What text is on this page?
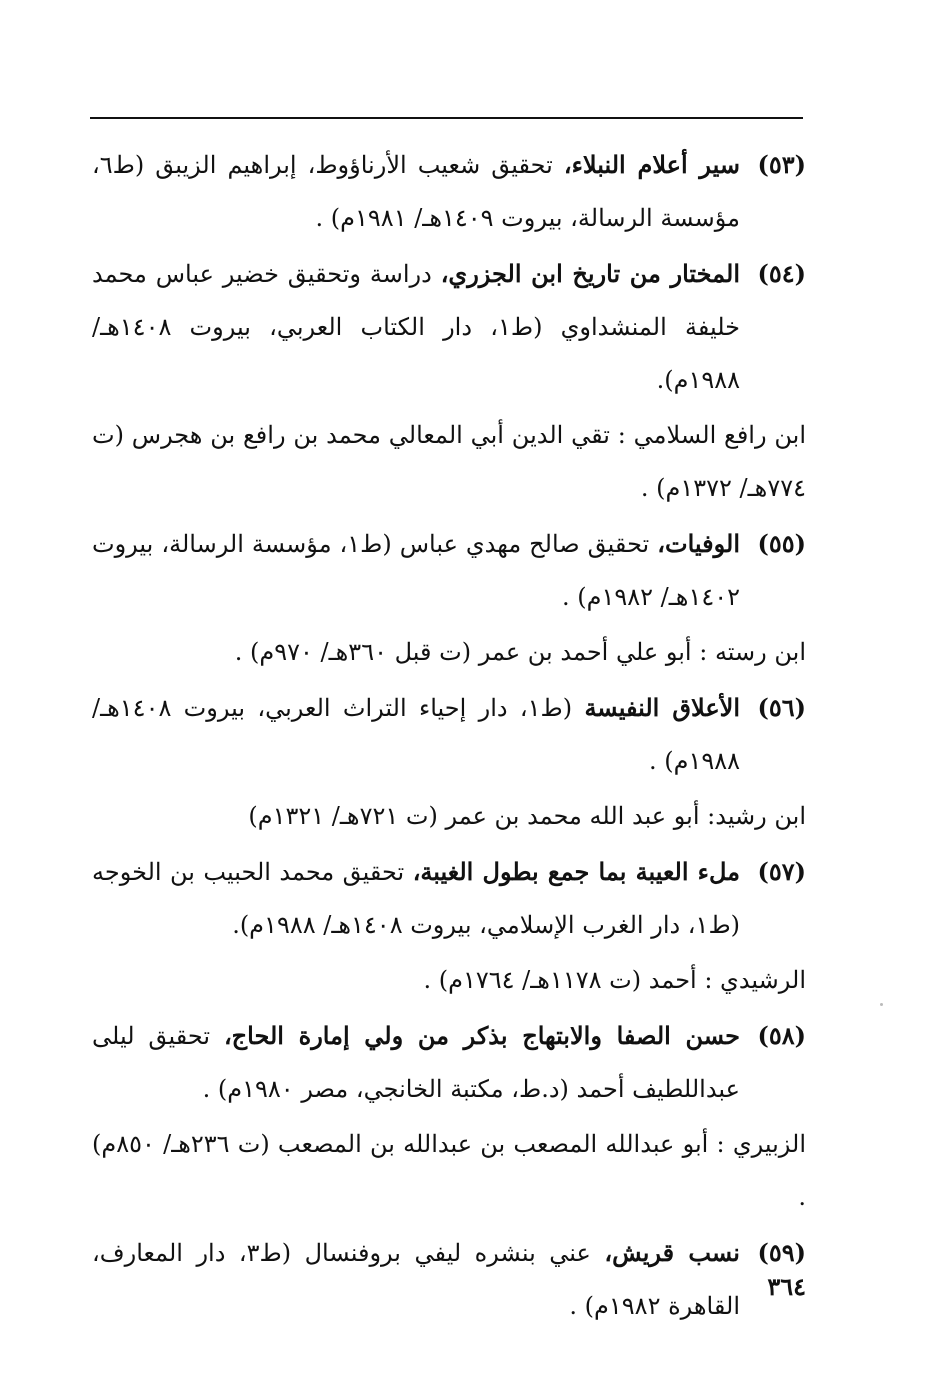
(٥٣)
سير أعلام النبلاء، تحقيق شعيب الأرناؤوط، إبراهيم الزيبق (ط٦، مؤسسة الرسالة، بيروت ١٤٠٩هـ/ ١٩٨١م) .
(٥٤)
المختار من تاريخ ابن الجزري، دراسة وتحقيق خضير عباس محمد خليفة المنشداوي (ط١، دار الكتاب العربي، بيروت ١٤٠٨هـ/ ١٩٨٨م).

ابن رافع السلامي : تقي الدين أبي المعالي محمد بن رافع بن هجرس (ت ٧٧٤هـ/ ١٣٧٢م) .

(٥٥)
الوفيات، تحقيق صالح مهدي عباس (ط١، مؤسسة الرسالة، بيروت ١٤٠٢هـ/ ١٩٨٢م) .

ابن رسته : أبو علي أحمد بن عمر (ت قبل ٣٦٠هـ/ ٩٧٠م) .

(٥٦)
الأعلاق النفيسة (ط١، دار إحياء التراث العربي، بيروت ١٤٠٨هـ/ ١٩٨٨م) .

ابن رشيد: أبو عبد الله محمد بن عمر (ت ٧٢١هـ/ ١٣٢١م)

(٥٧)
ملء العيبة بما جمع بطول الغيبة، تحقيق محمد الحبيب بن الخوجه (ط١، دار الغرب الإسلامي، بيروت ١٤٠٨هـ/ ١٩٨٨م).

الرشيدي : أحمد (ت ١١٧٨هـ/ ١٧٦٤م) .

(٥٨)
حسن الصفا والابتهاج بذكر من ولي إمارة الحاج، تحقيق ليلى عبداللطيف أحمد (د.ط، مكتبة الخانجي، مصر ١٩٨٠م) .

الزبيري : أبو عبدالله المصعب بن عبدالله بن المصعب (ت ٢٣٦هـ/ ٨٥٠م) .

(٥٩)
نسب قريش، عني بنشره ليفي بروفنسال (ط٣، دار المعارف، القاهرة ١٩٨٢م) .
٣٦٤
